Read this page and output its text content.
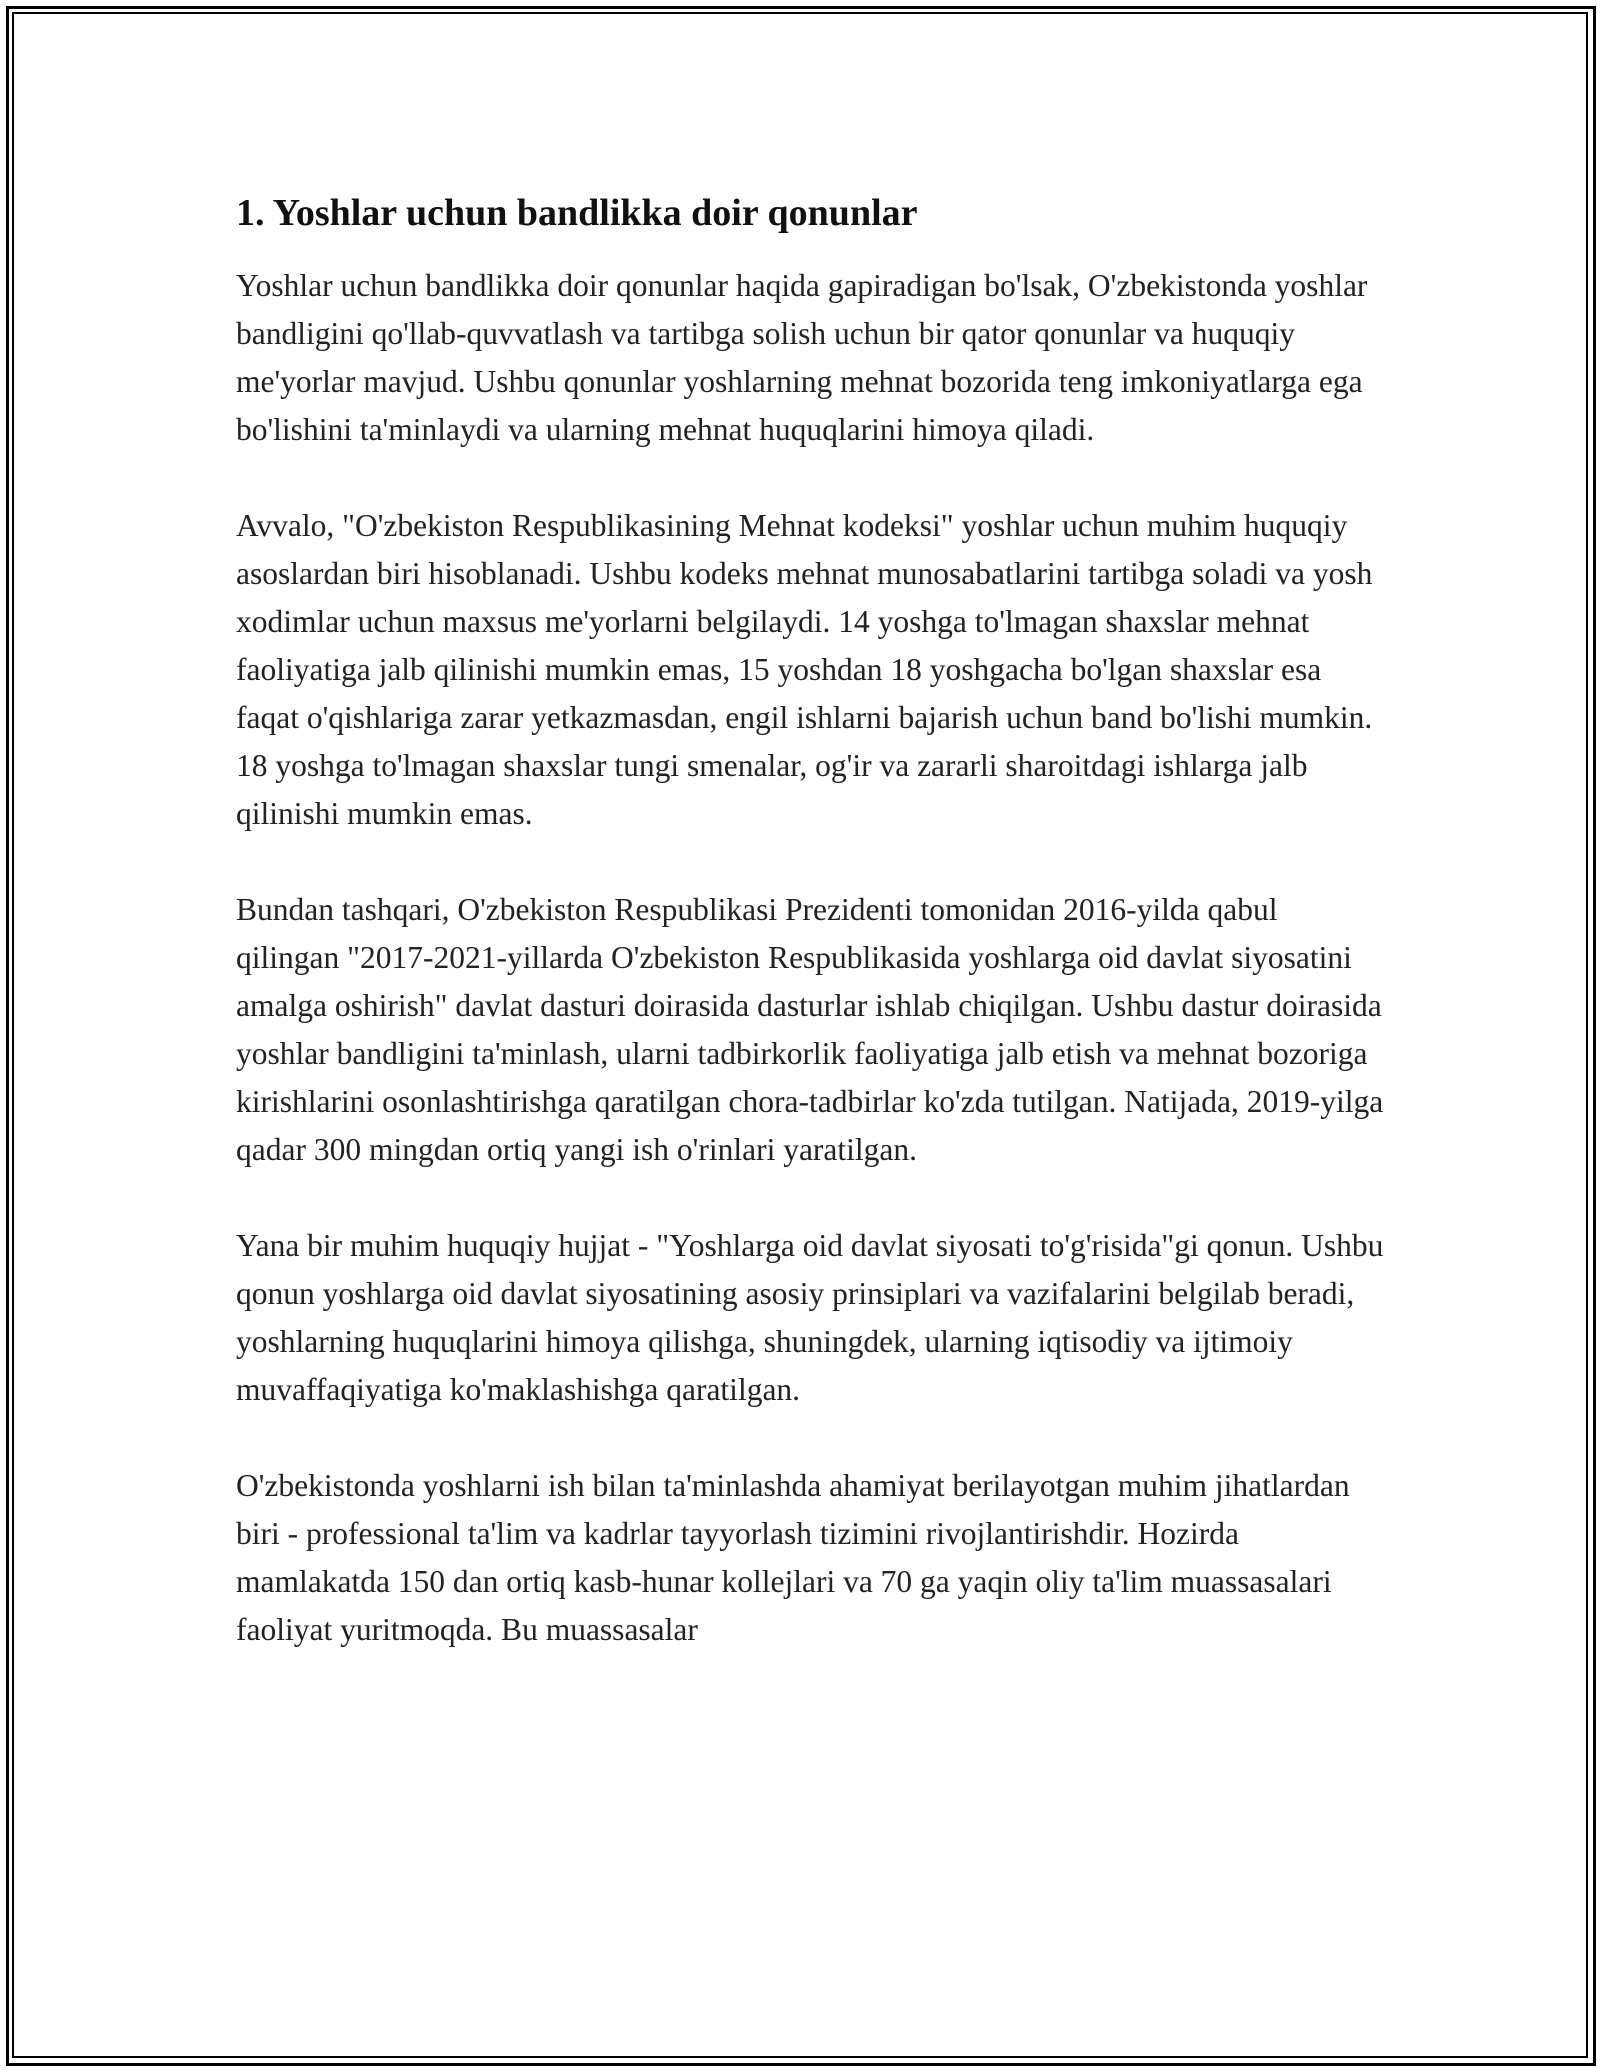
1. Yoshlar uchun bandlikka doir qonunlar

Yoshlar uchun bandlikka doir qonunlar haqida gapiradigan bo'lsak, O'zbekistonda yoshlar bandligini qo'llab-quvvatlash va tartibga solish uchun bir qator qonunlar va huquqiy me'yorlar mavjud. Ushbu qonunlar yoshlarning mehnat bozorida teng imkoniyatlarga ega bo'lishini ta'minlaydi va ularning mehnat huquqlarini himoya qiladi.

Avvalo, "O'zbekiston Respublikasining Mehnat kodeksi" yoshlar uchun muhim huquqiy asoslardan biri hisoblanadi. Ushbu kodeks mehnat munosabatlarini tartibga soladi va yosh xodimlar uchun maxsus me'yorlarni belgilaydi. 14 yoshga to'lmagan shaxslar mehnat faoliyatiga jalb qilinishi mumkin emas, 15 yoshdan 18 yoshgacha bo'lgan shaxslar esa faqat o'qishlariga zarar yetkazmasdan, engil ishlarni bajarish uchun band bo'lishi mumkin. 18 yoshga to'lmagan shaxslar tungi smenalar, og'ir va zararli sharoitdagi ishlarga jalb qilinishi mumkin emas.

Bundan tashqari, O'zbekiston Respublikasi Prezidenti tomonidan 2016-yilda qabul qilingan "2017-2021-yillarda O'zbekiston Respublikasida yoshlarga oid davlat siyosatini amalga oshirish" davlat dasturi doirasida dasturlar ishlab chiqilgan. Ushbu dastur doirasida yoshlar bandligini ta'minlash, ularni tadbirkorlik faoliyatiga jalb etish va mehnat bozoriga kirishlarini osonlashtirishga qaratilgan chora-tadbirlar ko'zda tutilgan. Natijada, 2019-yilga qadar 300 mingdan ortiq yangi ish o'rinlari yaratilgan.

Yana bir muhim huquqiy hujjat - "Yoshlarga oid davlat siyosati to'g'risida"gi qonun. Ushbu qonun yoshlarga oid davlat siyosatining asosiy prinsiplari va vazifalarini belgilab beradi, yoshlarning huquqlarini himoya qilishga, shuningdek, ularning iqtisodiy va ijtimoiy muvaffaqiyatiga ko'maklashishga qaratilgan.

O'zbekistonda yoshlarni ish bilan ta'minlashda ahamiyat berilayotgan muhim jihatlardan biri - professional ta'lim va kadrlar tayyorlash tizimini rivojlantirishdir. Hozirda mamlakatda 150 dan ortiq kasb-hunar kollejlari va 70 ga yaqin oliy ta'lim muassasalari faoliyat yuritmoqda. Bu muassasalar
